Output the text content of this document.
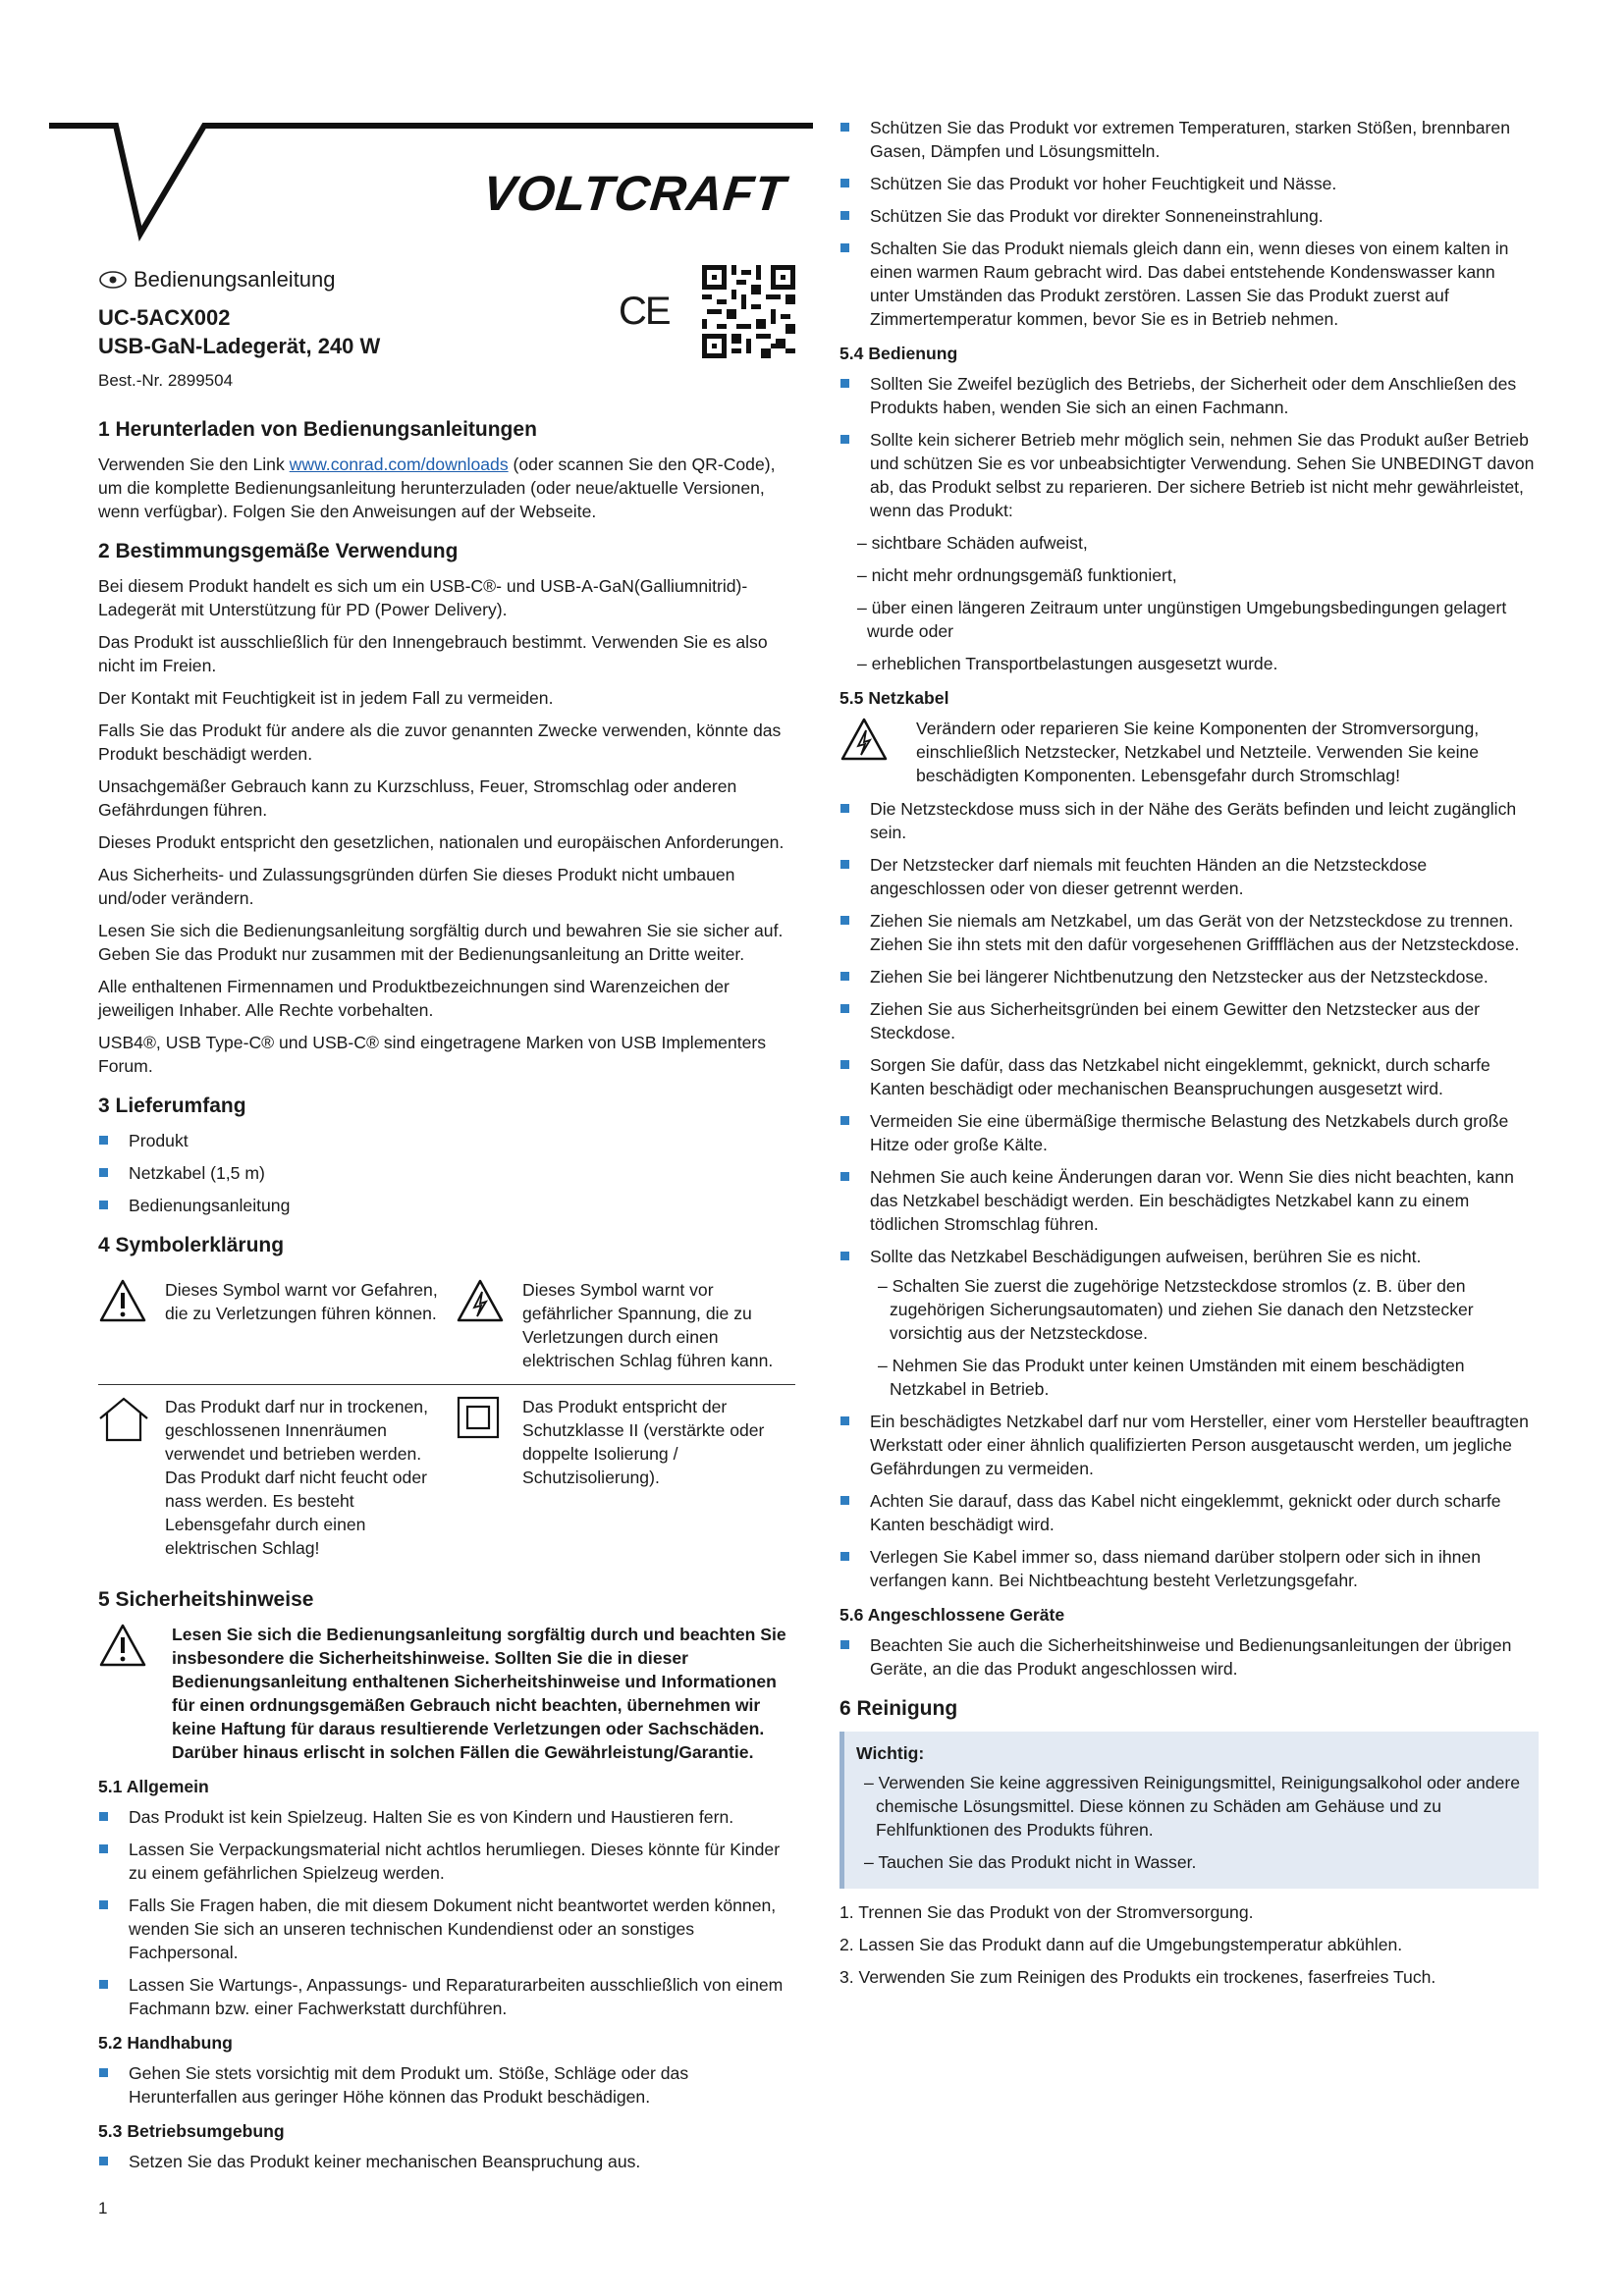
VOLTCRAFT
Bedienungsanleitung
UC-5ACX002
USB-GaN-Ladegerät, 240 W
Best.-Nr. 2899504
CE
1 Herunterladen von Bedienungsanleitungen

Verwenden Sie den Link www.conrad.com/downloads (oder scannen Sie den QR-Code), um die komplette Bedienungsanleitung herunterzuladen (oder neue/aktuelle Versionen, wenn verfügbar). Folgen Sie den Anweisungen auf der Webseite.

2 Bestimmungsgemäße Verwendung

Bei diesem Produkt handelt es sich um ein USB-C®- und USB-A-GaN(Galliumnitrid)-Ladegerät mit Unterstützung für PD (Power Delivery).

Das Produkt ist ausschließlich für den Innengebrauch bestimmt. Verwenden Sie es also nicht im Freien.

Der Kontakt mit Feuchtigkeit ist in jedem Fall zu vermeiden.

Falls Sie das Produkt für andere als die zuvor genannten Zwecke verwenden, könnte das Produkt beschädigt werden.

Unsachgemäßer Gebrauch kann zu Kurzschluss, Feuer, Stromschlag oder anderen Gefährdungen führen.

Dieses Produkt entspricht den gesetzlichen, nationalen und europäischen Anforderungen.

Aus Sicherheits- und Zulassungsgründen dürfen Sie dieses Produkt nicht umbauen und/oder verändern.

Lesen Sie sich die Bedienungsanleitung sorgfältig durch und bewahren Sie sie sicher auf. Geben Sie das Produkt nur zusammen mit der Bedienungsanleitung an Dritte weiter.

Alle enthaltenen Firmennamen und Produktbezeichnungen sind Warenzeichen der jeweiligen Inhaber. Alle Rechte vorbehalten.

USB4®, USB Type-C® und USB-C® sind eingetragene Marken von USB Implementers Forum.

3 Lieferumfang
Produkt
Netzkabel (1,5 m)
Bedienungsanleitung
4 Symbolerklärung
	Dieses Symbol warnt vor Gefahren, die zu Verletzungen führen können.		Dieses Symbol warnt vor gefährlicher Spannung, die zu Verletzungen durch einen elektrischen Schlag führen kann.
	Das Produkt darf nur in trockenen, geschlossenen Innenräumen verwendet und betrieben werden. Das Produkt darf nicht feucht oder nass werden. Es besteht Lebensgefahr durch einen elektrischen Schlag!		Das Produkt entspricht der Schutzklasse II (verstärkte oder doppelte Isolierung / Schutzisolierung).
5 Sicherheitshinweise
Lesen Sie sich die Bedienungsanleitung sorgfältig durch und beachten Sie insbesondere die Sicherheitshinweise. Sollten Sie die in dieser Bedienungsanleitung enthaltenen Sicherheitshinweise und Informationen für einen ordnungsgemäßen Gebrauch nicht beachten, übernehmen wir keine Haftung für daraus resultierende Verletzungen oder Sachschäden. Darüber hinaus erlischt in solchen Fällen die Gewährleistung/Garantie.
5.1 Allgemein
Das Produkt ist kein Spielzeug. Halten Sie es von Kindern und Haustieren fern.
Lassen Sie Verpackungsmaterial nicht achtlos herumliegen. Dieses könnte für Kinder zu einem gefährlichen Spielzeug werden.
Falls Sie Fragen haben, die mit diesem Dokument nicht beantwortet werden können, wenden Sie sich an unseren technischen Kundendienst oder an sonstiges Fachpersonal.
Lassen Sie Wartungs-, Anpassungs- und Reparaturarbeiten ausschließlich von einem Fachmann bzw. einer Fachwerkstatt durchführen.
5.2 Handhabung
Gehen Sie stets vorsichtig mit dem Produkt um. Stöße, Schläge oder das Herunterfallen aus geringer Höhe können das Produkt beschädigen.
5.3 Betriebsumgebung
Setzen Sie das Produkt keiner mechanischen Beanspruchung aus.
1
Schützen Sie das Produkt vor extremen Temperaturen, starken Stößen, brennbaren Gasen, Dämpfen und Lösungsmitteln.
Schützen Sie das Produkt vor hoher Feuchtigkeit und Nässe.
Schützen Sie das Produkt vor direkter Sonneneinstrahlung.
Schalten Sie das Produkt niemals gleich dann ein, wenn dieses von einem kalten in einen warmen Raum gebracht wird. Das dabei entstehende Kondenswasser kann unter Umständen das Produkt zerstören. Lassen Sie das Produkt zuerst auf Zimmertemperatur kommen, bevor Sie es in Betrieb nehmen.
5.4 Bedienung
Sollten Sie Zweifel bezüglich des Betriebs, der Sicherheit oder dem Anschließen des Produkts haben, wenden Sie sich an einen Fachmann.
Sollte kein sicherer Betrieb mehr möglich sein, nehmen Sie das Produkt außer Betrieb und schützen Sie es vor unbeabsichtigter Verwendung. Sehen Sie UNBEDINGT davon ab, das Produkt selbst zu reparieren. Der sichere Betrieb ist nicht mehr gewährleistet, wenn das Produkt:
– sichtbare Schäden aufweist,
– nicht mehr ordnungsgemäß funktioniert,
– über einen längeren Zeitraum unter ungünstigen Umgebungsbedingungen gelagert wurde oder
– erheblichen Transportbelastungen ausgesetzt wurde.
5.5 Netzkabel
Verändern oder reparieren Sie keine Komponenten der Stromversorgung, einschließlich Netzstecker, Netzkabel und Netzteile. Verwenden Sie keine beschädigten Komponenten. Lebensgefahr durch Stromschlag!
Die Netzsteckdose muss sich in der Nähe des Geräts befinden und leicht zugänglich sein.
Der Netzstecker darf niemals mit feuchten Händen an die Netzsteckdose angeschlossen oder von dieser getrennt werden.
Ziehen Sie niemals am Netzkabel, um das Gerät von der Netzsteckdose zu trennen. Ziehen Sie ihn stets mit den dafür vorgesehenen Griffflächen aus der Netzsteckdose.
Ziehen Sie bei längerer Nichtbenutzung den Netzstecker aus der Netzsteckdose.
Ziehen Sie aus Sicherheitsgründen bei einem Gewitter den Netzstecker aus der Steckdose.
Sorgen Sie dafür, dass das Netzkabel nicht eingeklemmt, geknickt, durch scharfe Kanten beschädigt oder mechanischen Beanspruchungen ausgesetzt wird.
Vermeiden Sie eine übermäßige thermische Belastung des Netzkabels durch große Hitze oder große Kälte.
Nehmen Sie auch keine Änderungen daran vor. Wenn Sie dies nicht beachten, kann das Netzkabel beschädigt werden. Ein beschädigtes Netzkabel kann zu einem tödlichen Stromschlag führen.
Sollte das Netzkabel Beschädigungen aufweisen, berühren Sie es nicht.
– Schalten Sie zuerst die zugehörige Netzsteckdose stromlos (z. B. über den zugehörigen Sicherungsautomaten) und ziehen Sie danach den Netzstecker vorsichtig aus der Netzsteckdose.
– Nehmen Sie das Produkt unter keinen Umständen mit einem beschädigten Netzkabel in Betrieb.
Ein beschädigtes Netzkabel darf nur vom Hersteller, einer vom Hersteller beauftragten Werkstatt oder einer ähnlich qualifizierten Person ausgetauscht werden, um jegliche Gefährdungen zu vermeiden.
Achten Sie darauf, dass das Kabel nicht eingeklemmt, geknickt oder durch scharfe Kanten beschädigt wird.
Verlegen Sie Kabel immer so, dass niemand darüber stolpern oder sich in ihnen verfangen kann. Bei Nichtbeachtung besteht Verletzungsgefahr.
5.6 Angeschlossene Geräte
Beachten Sie auch die Sicherheitshinweise und Bedienungsanleitungen der übrigen Geräte, an die das Produkt angeschlossen wird.
6 Reinigung
Wichtig:
– Verwenden Sie keine aggressiven Reinigungsmittel, Reinigungsalkohol oder andere chemische Lösungsmittel. Diese können zu Schäden am Gehäuse und zu Fehlfunktionen des Produkts führen.
– Tauchen Sie das Produkt nicht in Wasser.
1. Trennen Sie das Produkt von der Stromversorgung.
2. Lassen Sie das Produkt dann auf die Umgebungstemperatur abkühlen.
3. Verwenden Sie zum Reinigen des Produkts ein trockenes, faserfreies Tuch.
